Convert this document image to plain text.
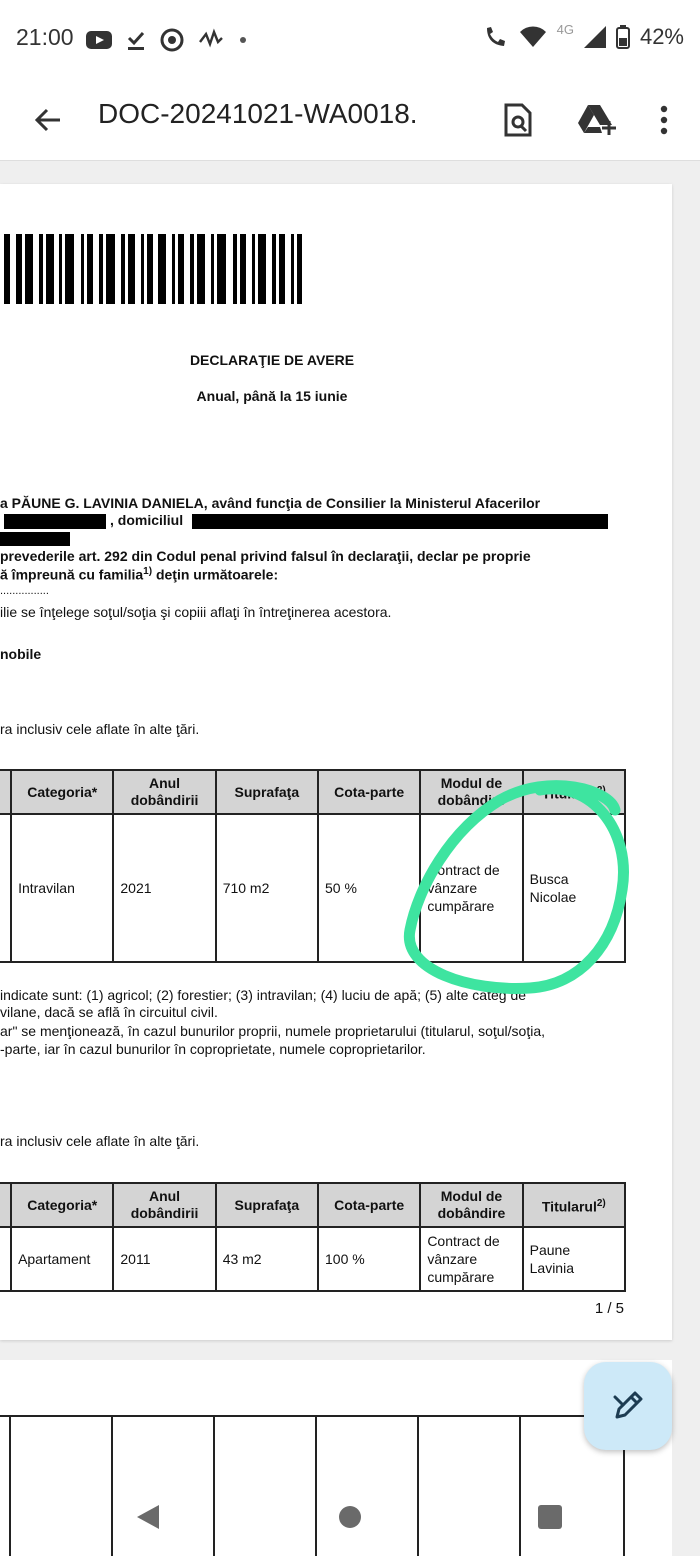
21:00	4G	42%
DOC-20241021-WA0018.
DECLARAŢIE DE AVERE
Anual, până la 15 iunie
a PĂUNE G. LAVINIA DANIELA, având funcţia de Consilier la Ministerul Afacerilor
, domiciliul
prevederile art. 292 din Codul penal privind falsul în declaraţii, declar pe proprie
ă împreună cu familia$^{1)}$ deţin următoarele:
................
ilie se înţelege soţul/soţia şi copiii aflaţi în întreţinerea acestora.
nobile
ra inclusiv cele aflate în alte ţări.
	Categoria*	Anul dobândirii	Suprafaţa	Cota-parte	Modul de dobândire	Titularul$^{2)}$
	Intravilan	2021	710 m2	50 %	Contract de vânzare cumpărare	Busca Nicolae
indicate sunt: (1) agricol; (2) forestier; (3) intravilan; (4) luciu de apă; (5) alte categ de
vilane, dacă se află în circuitul civil.
ar" se menţionează, în cazul bunurilor proprii, numele proprietarului (titularul, soţul/soţia,
-parte, iar în cazul bunurilor în coproprietate, numele coproprietarilor.
ra inclusiv cele aflate în alte ţări.
	Categoria*	Anul dobândirii	Suprafaţa	Cota-parte	Modul de dobândire	Titularul$^{2)}$
	Apartament	2011	43 m2	100 %	Contract de vânzare cumpărare	Paune Lavinia
1 / 5
